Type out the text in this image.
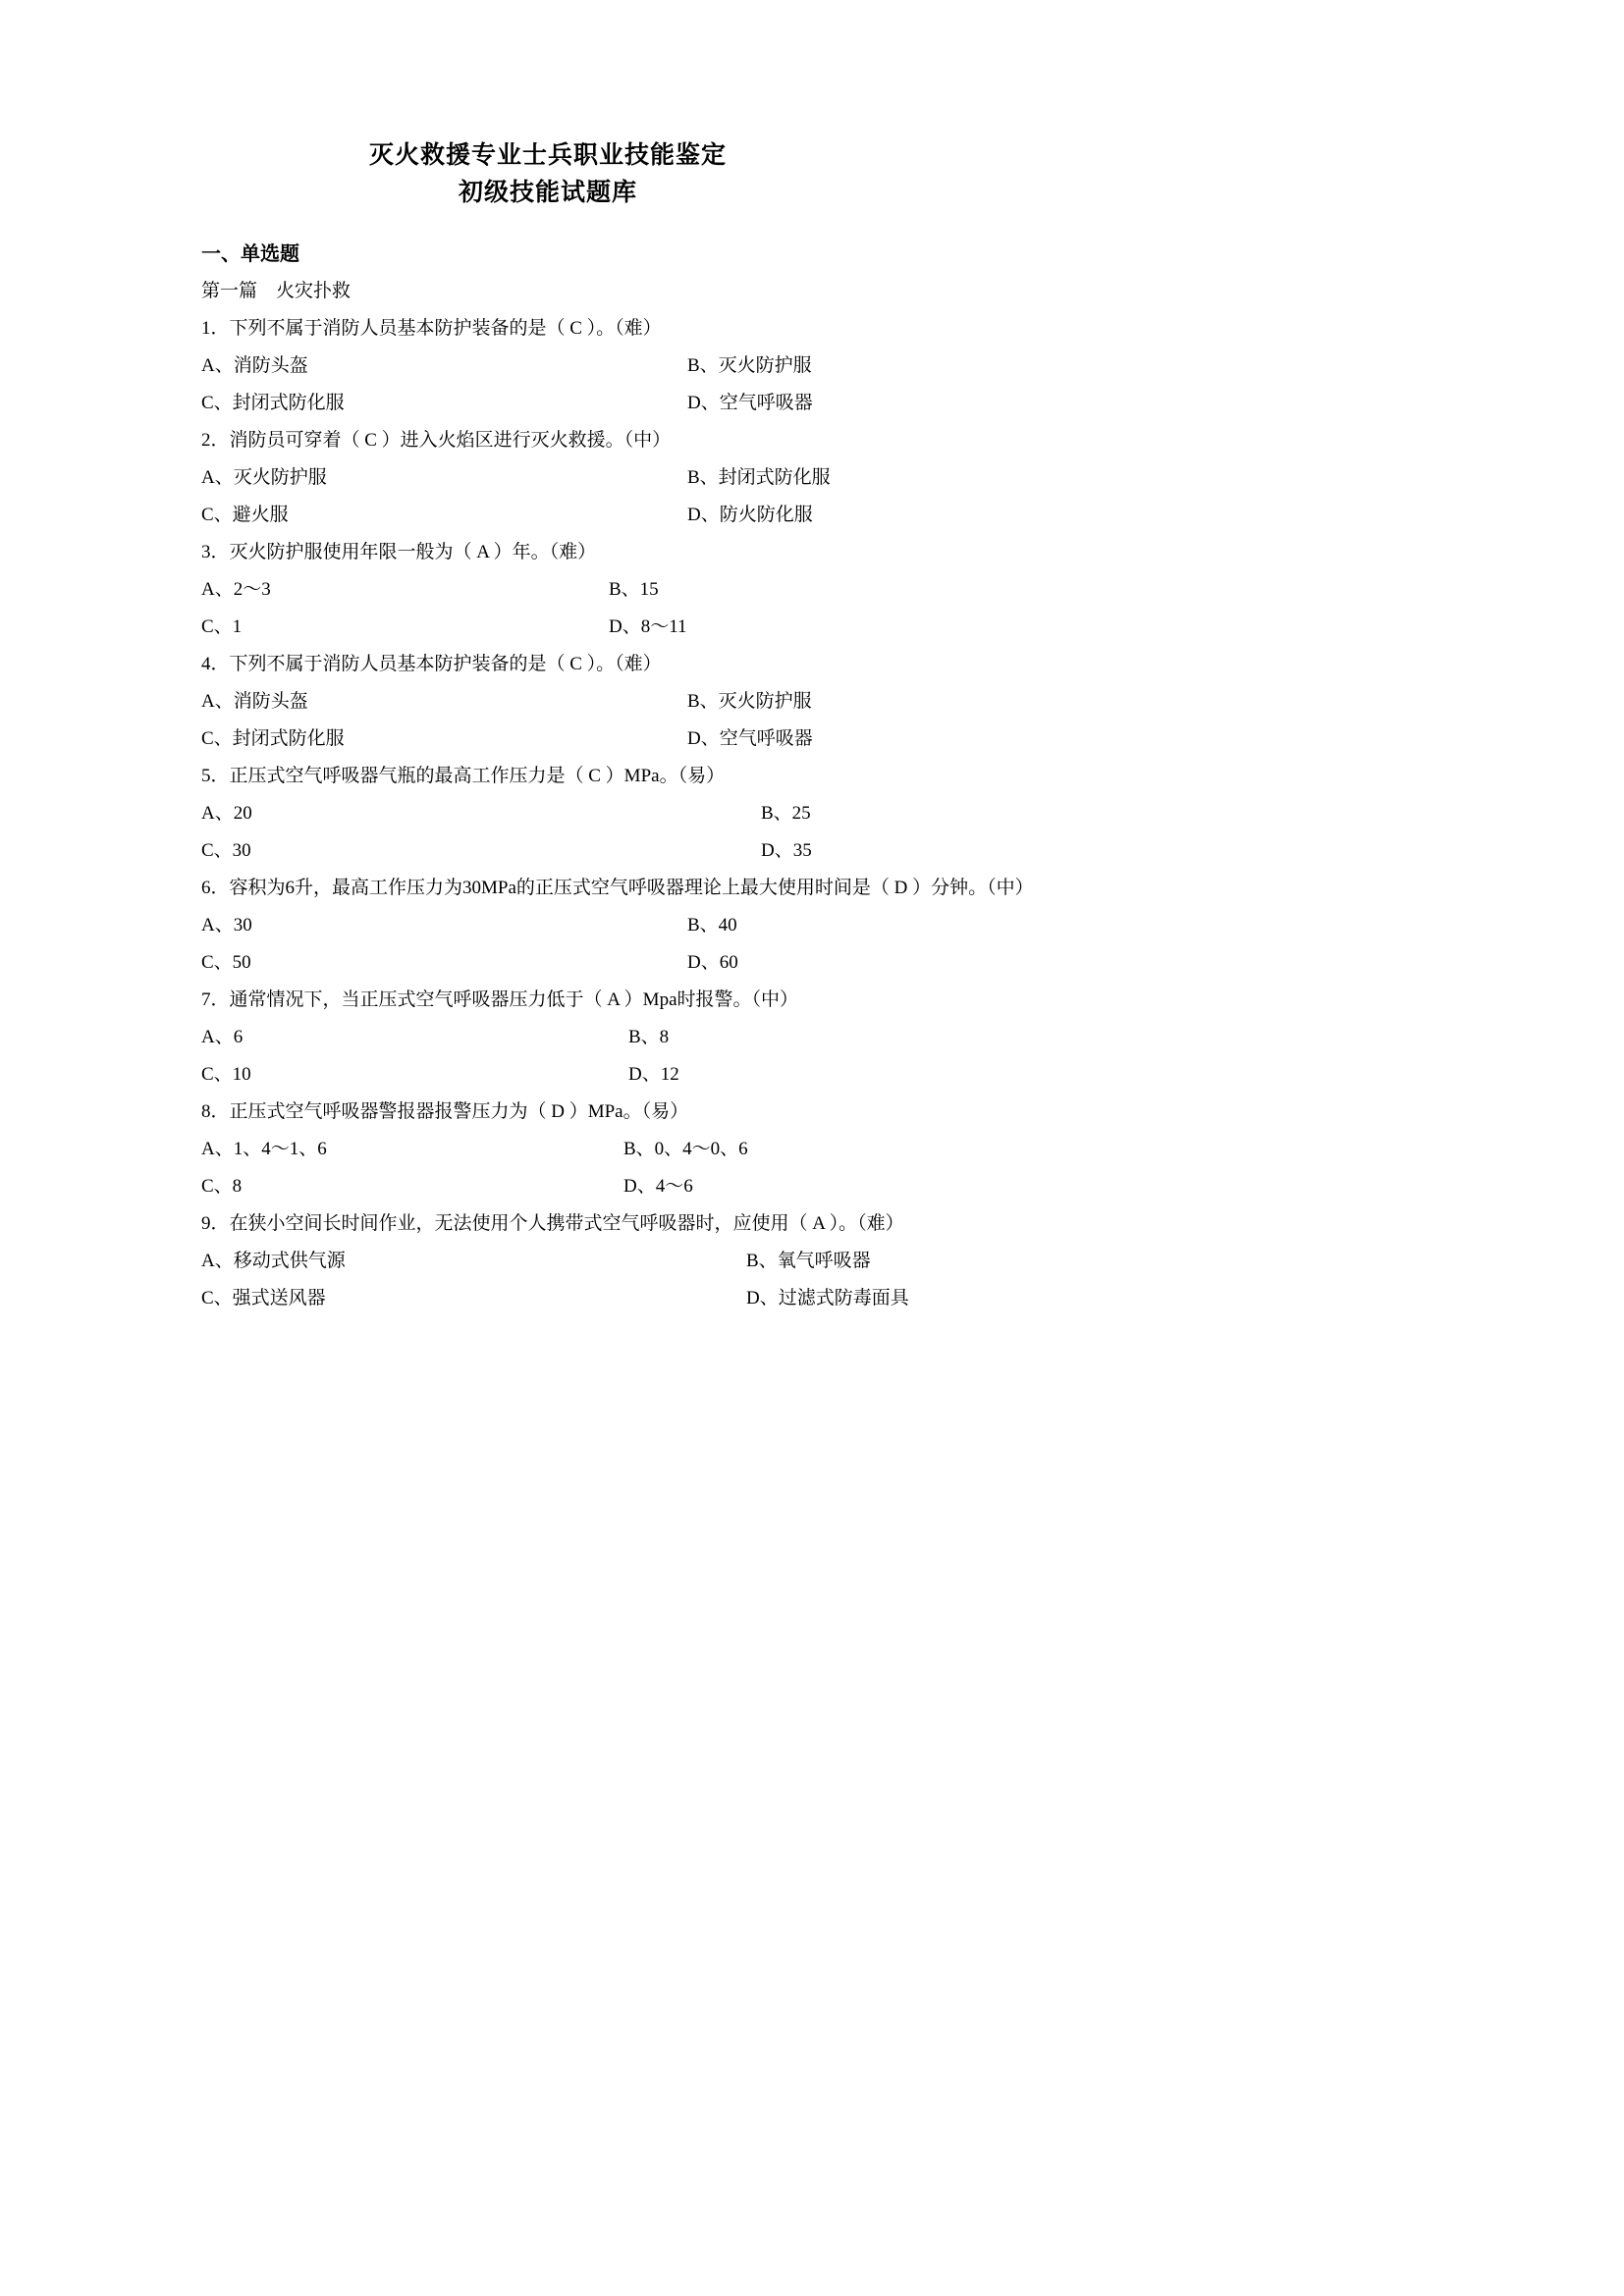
灭火救援专业士兵职业技能鉴定

初级技能试题库

一、单选题

第一篇　火灾扑救

1．下列不属于消防人员基本防护装备的是（ C ）。（难）

A、消防头盔	B、灭火防护服
C、封闭式防化服	D、空气呼吸器

2．消防员可穿着（ C ）进入火焰区进行灭火救援。（中）

A、灭火防护服	B、封闭式防化服
C、避火服	D、防火防化服

3．灭火防护服使用年限一般为（ A ）年。（难）

A、2～3	B、15
C、1	D、8～11

4．下列不属于消防人员基本防护装备的是（ C ）。（难）

A、消防头盔	B、灭火防护服
C、封闭式防化服	D、空气呼吸器

5．正压式空气呼吸器气瓶的最高工作压力是（ C ）MPa。（易）

A、20	B、25
C、30	D、35

6．容积为6升，最高工作压力为30MPa的正压式空气呼吸器理论上最大使用时间是（ D ）分钟。（中）

A、30	B、40
C、50	D、60

7．通常情况下，当正压式空气呼吸器压力低于（ A ）Mpa时报警。（中）

A、6	B、8
C、10	D、12

8．正压式空气呼吸器警报器报警压力为（ D ）MPa。（易）

A、1、4～1、6	B、0、4～0、6
C、8	D、4～6

9．在狭小空间长时间作业，无法使用个人携带式空气呼吸器时，应使用（ A ）。（难）

A、移动式供气源	B、氧气呼吸器
C、强式送风器	D、过滤式防毒面具
